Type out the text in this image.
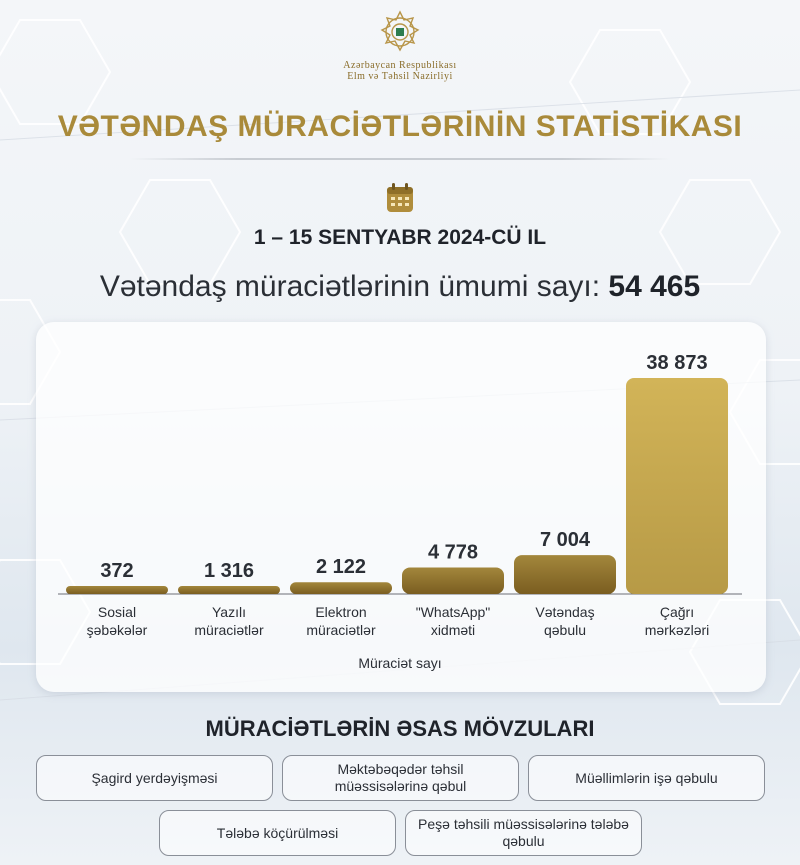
Azərbaycan Respublikası
Elm və Təhsil Nazirliyi
VƏTƏNDAŞ MÜRACİƏTLƏRİNİN STATİSTİKASI
1 – 15 SENTYABR 2024-CÜ IL
Vətəndaş müraciətlərinin ümumi sayı: 54 465
372
Sosial
şəbəkələr
1 316
Yazılı
müraciətlər
2 122
Elektron
müraciətlər
4 778
"WhatsApp"
xidməti
7 004
Vətəndaş
qəbulu
38 873
Çağrı
mərkəzləri
Müraciət sayı
MÜRACİƏTLƏRİN ƏSAS MÖVZULARI
Şagird yerdəyişməsi
Məktəbəqədər təhsil müəssisələrinə qəbul
Müəllimlərin işə qəbulu
Tələbə köçürülməsi
Peşə təhsili müəssisələrinə tələbə qəbulu
